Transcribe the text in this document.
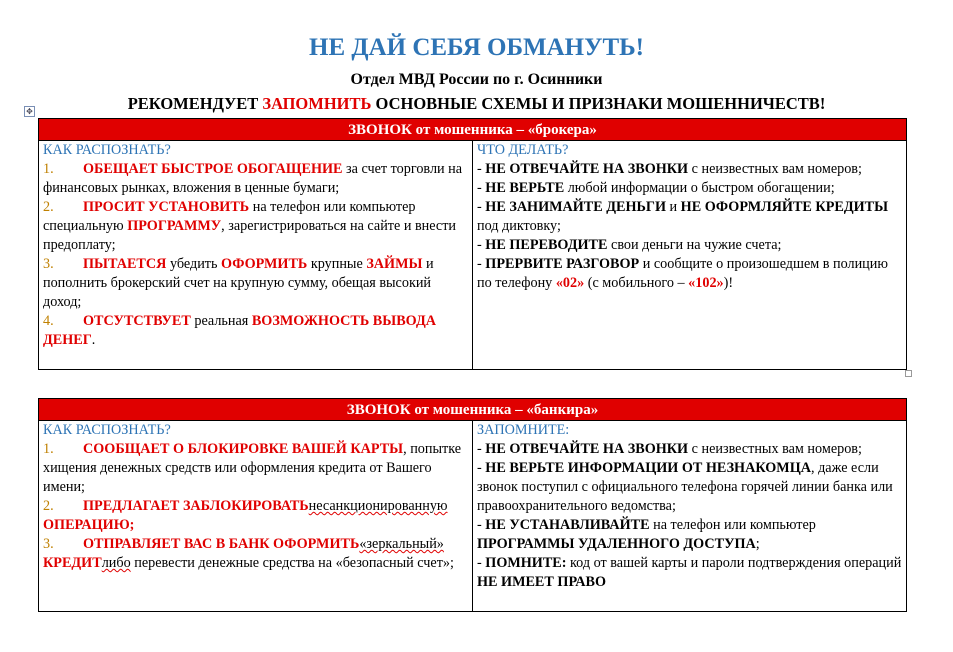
НЕ ДАЙ СЕБЯ ОБМАНУТЬ!
Отдел МВД России по г. Осинники
РЕКОМЕНДУЕТ ЗАПОМНИТЬ ОСНОВНЫЕ СХЕМЫ И ПРИЗНАКИ МОШЕННИЧЕСТВ!
✥
ЗВОНОК от мошенника – «брокера»

КАК РАСПОЗНАТЬ?
1. ОБЕЩАЕТ БЫСТРОЕ ОБОГАЩЕНИЕ за счет торговли на финансовых рынках, вложения в ценные бумаги;
2. ПРОСИТ УСТАНОВИТЬ на телефон или компьютер специальную ПРОГРАММУ, зарегистрироваться на сайте и внести предоплату;
3. ПЫТАЕТСЯ убедить ОФОРМИТЬ крупные ЗАЙМЫ и пополнить брокерский счет на крупную сумму, обещая высокий доход;
4. ОТСУТСТВУЕТ реальная ВОЗМОЖНОСТЬ ВЫВОДА ДЕНЕГ.

ЧТО ДЕЛАТЬ?
- НЕ ОТВЕЧАЙТЕ НА ЗВОНКИ с неизвестных вам номеров;
- НЕ ВЕРЬТЕ любой информации о быстром обогащении;
- НЕ ЗАНИМАЙТЕ ДЕНЬГИ и НЕ ОФОРМЛЯЙТЕ КРЕДИТЫ под диктовку;
- НЕ ПЕРЕВОДИТЕ свои деньги на чужие счета;
- ПРЕРВИТЕ РАЗГОВОР и сообщите о произошедшем в полицию по телефону «02» (с мобильного – «102»)!
ЗВОНОК от мошенника – «банкира»

КАК РАСПОЗНАТЬ?
1. СООБЩАЕТ О БЛОКИРОВКЕ ВАШЕЙ КАРТЫ, попытке хищения денежных средств или оформления кредита от Вашего имени;
2. ПРЕДЛАГАЕТ ЗАБЛОКИРОВАТЬнесанкционированную ОПЕРАЦИЮ;
3. ОТПРАВЛЯЕТ ВАС В БАНК ОФОРМИТЬ«зеркальный» КРЕДИТлибо перевести денежные средства на «безопасный счет»;

ЗАПОМНИТЕ:
- НЕ ОТВЕЧАЙТЕ НА ЗВОНКИ с неизвестных вам номеров;
- НЕ ВЕРЬТЕ ИНФОРМАЦИИ ОТ НЕЗНАКОМЦА, даже если звонок поступил с официального телефона горячей линии банка или правоохранительного ведомства;
- НЕ УСТАНАВЛИВАЙТЕ на телефон или компьютер ПРОГРАММЫ УДАЛЕННОГО ДОСТУПА;
- ПОМНИТЕ: код от вашей карты и пароли подтверждения операций НЕ ИМЕЕТ ПРАВО
